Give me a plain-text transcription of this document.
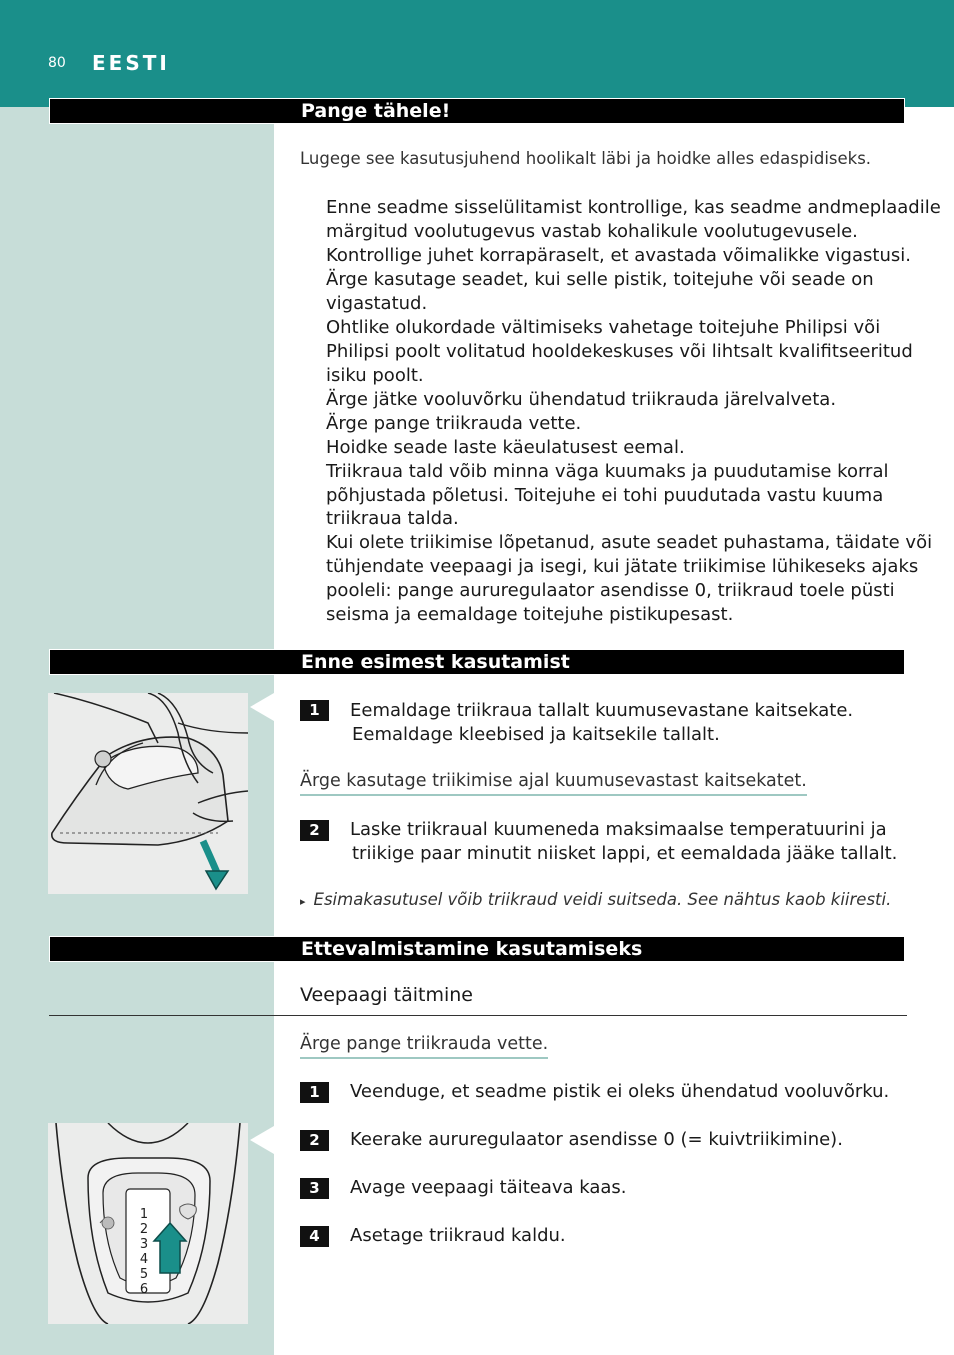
80 EESTI
Pange tähele!
Lugege see kasutusjuhend hoolikalt läbi ja hoidke alles edaspidiseks.
Enne seadme sisselülitamist kontrollige, kas seadme andmeplaadile
märgitud voolutugevus vastab kohalikule voolutugevusele.
Kontrollige juhet korrapäraselt, et avastada võimalikke vigastusi.
Ärge kasutage seadet, kui selle pistik, toitejuhe või seade on
vigastatud.
Ohtlike olukordade vältimiseks vahetage toitejuhe Philipsi või
Philipsi poolt volitatud hooldekeskuses või lihtsalt kvalifitseeritud
isiku poolt.
Ärge jätke vooluvõrku ühendatud triikrauda järelvalveta.
Ärge pange triikrauda vette.
Hoidke seade laste käeulatusest eemal.
Triikraua tald võib minna väga kuumaks ja puudutamise korral
põhjustada põletusi. Toitejuhe ei tohi puudutada vastu kuuma
triikraua talda.
Kui olete triikimise lõpetanud, asute seadet puhastama, täidate või
tühjendate veepaagi ja isegi, kui jätate triikimise lühikeseks ajaks
pooleli: pange aururegulaator asendisse 0, triikraud toele püsti
seisma ja eemaldage toitejuhe pistikupesast.
Enne esimest kasutamist
1	Eemaldage triikraua tallalt kuumusevastane kaitsekate.
Eemaldage kleebised ja kaitsekile tallalt.
Ärge kasutage triikimise ajal kuumusevastast kaitsekatet.
2	Laske triikraual kuumeneda maksimaalse temperatuurini ja
triikige paar minutit niisket lappi, et eemaldada jääke tallalt.
▸ Esimakasutusel võib triikraud veidi suitseda. See nähtus kaob kiiresti.
Ettevalmistamine kasutamiseks
Veepaagi täitmine
Ärge pange triikrauda vette.
1
2
3
4
5
6
1	Veenduge, et seadme pistik ei oleks ühendatud vooluvõrku.
2	Keerake aururegulaator asendisse 0 (= kuivtriikimine).
3	Avage veepaagi täiteava kaas.
4	Asetage triikraud kaldu.
